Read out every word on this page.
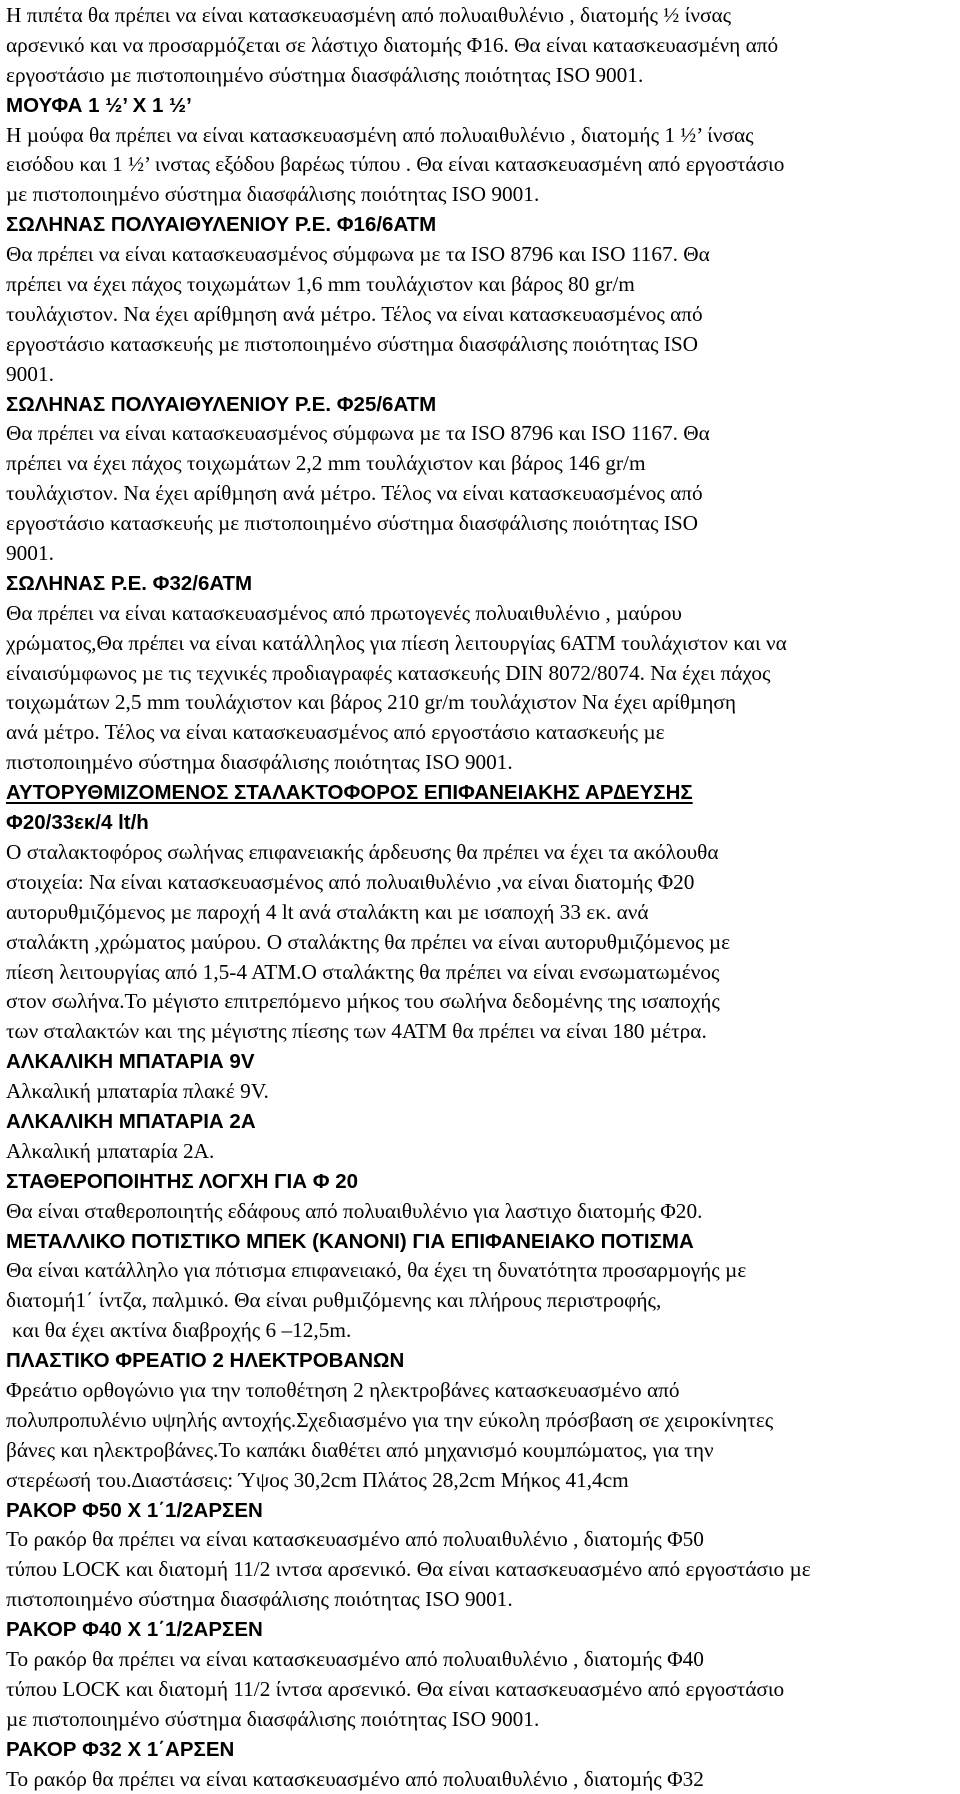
Η πιπέτα θα πρέπει να είναι κατασκευασµένη από πολυαιθυλένιο , διατοµής ½ ίνσας

αρσενικό και να προσαρµόζεται σε λάστιχο διατοµής Φ16. Θα είναι κατασκευασµένη από

εργοστάσιο µε πιστοποιηµένο σύστηµα διασφάλισης ποιότητας ISO 9001.

ΜΟΥΦΑ 1 ½’ Χ 1 ½’

Η µούφα θα πρέπει να είναι κατασκευασµένη από πολυαιθυλένιο , διατοµής 1 ½’ ίνσας

εισόδου και 1 ½’ ινστας εξόδου βαρέως τύπου . Θα είναι κατασκευασµένη από εργοστάσιο

µε πιστοποιηµένο σύστηµα διασφάλισης ποιότητας ISO 9001.

ΣΩΛΗΝΑΣ ΠΟΛΥΑΙΘΥΛΕΝΙΟΥ Ρ.Ε. Φ16/6ΑΤΜ

Θα πρέπει να είναι κατασκευασµένος σύµφωνα µε τα ISO 8796 και ISO 1167. Θα

πρέπει να έχει πάχος τοιχωµάτων 1,6 mm τουλάχιστον και βάρος 80 gr/m

τουλάχιστον. Να έχει αρίθµηση ανά µέτρο. Τέλος να είναι κατασκευασµένος από

εργοστάσιο κατασκευής µε πιστοποιηµένο σύστηµα διασφάλισης ποιότητας ISO

9001.

ΣΩΛΗΝΑΣ ΠΟΛΥΑΙΘΥΛΕΝΙΟΥ Ρ.Ε. Φ25/6ΑΤΜ

Θα πρέπει να είναι κατασκευασµένος σύµφωνα µε τα ISO 8796 και ISO 1167. Θα

πρέπει να έχει πάχος τοιχωµάτων 2,2 mm τουλάχιστον και βάρος 146 gr/m

τουλάχιστον. Να έχει αρίθµηση ανά µέτρο. Τέλος να είναι κατασκευασµένος από

εργοστάσιο κατασκευής µε πιστοποιηµένο σύστηµα διασφάλισης ποιότητας ISO

9001.

ΣΩΛΗΝΑΣ Ρ.Ε. Φ32/6ΑΤΜ

Θα πρέπει να είναι κατασκευασµένος από πρωτογενές πολυαιθυλένιο , µαύρου

χρώµατος,Θα πρέπει να είναι κατάλληλος για πίεση λειτουργίας 6ΑΤΜ τουλάχιστον και να

είναισύµφωνος µε τις τεχνικές προδιαγραφές κατασκευής DIN 8072/8074. Να έχει πάχος

τοιχωµάτων 2,5 mm τουλάχιστον και βάρος 210 gr/m τουλάχιστον Να έχει αρίθµηση

ανά µέτρο. Τέλος να είναι κατασκευασµένος από εργοστάσιο κατασκευής µε

πιστοποιηµένο σύστηµα διασφάλισης ποιότητας ISO 9001.

ΑΥΤΟΡΥΘΜΙΖΟΜΕΝΟΣ ΣΤΑΛΑΚΤΟΦΟΡΟΣ ΕΠΙΦΑΝΕΙΑΚΗΣ ΑΡ∆ΕΥΣΗΣ

Φ20/33εκ/4 lt/h

Ο σταλακτοφόρος σωλήνας επιφανειακής άρδευσης θα πρέπει να έχει τα ακόλουθα

στοιχεία: Να είναι κατασκευασµένος από πολυαιθυλένιο ,να είναι διατοµής Φ20

αυτορυθµιζόµενος µε παροχή 4 lt ανά σταλάκτη και µε ισαποχή 33 εκ. ανά

σταλάκτη ,χρώµατος µαύρου. Ο σταλάκτης θα πρέπει να είναι αυτορυθµιζόµενος µε

πίεση λειτουργίας από 1,5-4 ΑΤΜ.Ο σταλάκτης θα πρέπει να είναι ενσωµατωµένος

στον σωλήνα.Το µέγιστο επιτρεπόµενο µήκος του σωλήνα δεδοµένης της ισαποχής

των σταλακτών και της µέγιστης πίεσης των 4ΑΤΜ θα πρέπει να είναι 180 µέτρα.

ΑΛΚΑΛΙΚΗ ΜΠΑΤΑΡΙΑ 9V

Αλκαλική µπαταρία πλακέ 9V.

ΑΛΚΑΛΙΚΗ ΜΠΑΤΑΡΙΑ 2Α

Αλκαλική µπαταρία 2Α.

ΣΤΑΘΕΡΟΠΟΙΗΤΗΣ ΛΟΓΧΗ ΓΙΑ Φ 20

Θα είναι σταθεροποιητής εδάφους από πολυαιθυλένιο για λαστιχο διατοµής Φ20.

ΜΕΤΑΛΛΙΚΟ ΠΟΤΙΣΤΙΚΟ ΜΠΕΚ (ΚΑΝΟΝΙ) ΓΙΑ ΕΠΙΦΑΝΕΙΑΚΟ ΠΟΤΙΣΜΑ

Θα είναι κατάλληλο για πότισµα επιφανειακό, θα έχει τη δυνατότητα προσαρµογής µε

διατοµή1΄ ίντζα, παλµικό. Θα είναι ρυθµιζόµενης και πλήρους περιστροφής,

και θα έχει ακτίνα διαβροχής 6 –12,5m.

ΠΛΑΣΤΙΚΟ ΦΡΕΑΤΙΟ 2 ΗΛΕΚΤΡΟΒΑΝΩΝ

Φρεάτιο ορθογώνιο για την τοποθέτηση 2 ηλεκτροβάνες κατασκευασµένο από

πολυπροπυλένιο υψηλής αντοχής.Σχεδιασµένο για την εύκολη πρόσβαση σε χειροκίνητες

βάνες και ηλεκτροβάνες.Το καπάκι διαθέτει από µηχανισµό κουµπώµατος, για την

στερέωσή του.∆ιαστάσεις: Ύψος 30,2cm Πλάτος 28,2cm Μήκος 41,4cm

ΡΑΚΟΡ Φ50 Χ 1΄1/2ΑΡΣΕΝ

Το ρακόρ θα πρέπει να είναι κατασκευασµένο από πολυαιθυλένιο , διατοµής Φ50

τύπου LOCK και διατοµή 11/2 ιντσα αρσενικό. Θα είναι κατασκευασµένο από εργοστάσιο µε

πιστοποιηµένο σύστηµα διασφάλισης ποιότητας ISO 9001.

ΡΑΚΟΡ Φ40 Χ 1΄1/2ΑΡΣΕΝ

Το ρακόρ θα πρέπει να είναι κατασκευασµένο από πολυαιθυλένιο , διατοµής Φ40

τύπου LOCK και διατοµή 11/2 ίντσα αρσενικό. Θα είναι κατασκευασµένο από εργοστάσιο

µε πιστοποιηµένο σύστηµα διασφάλισης ποιότητας ISO 9001.

ΡΑΚΟΡ Φ32 Χ 1΄ΑΡΣΕΝ

Το ρακόρ θα πρέπει να είναι κατασκευασµένο από πολυαιθυλένιο , διατοµής Φ32
